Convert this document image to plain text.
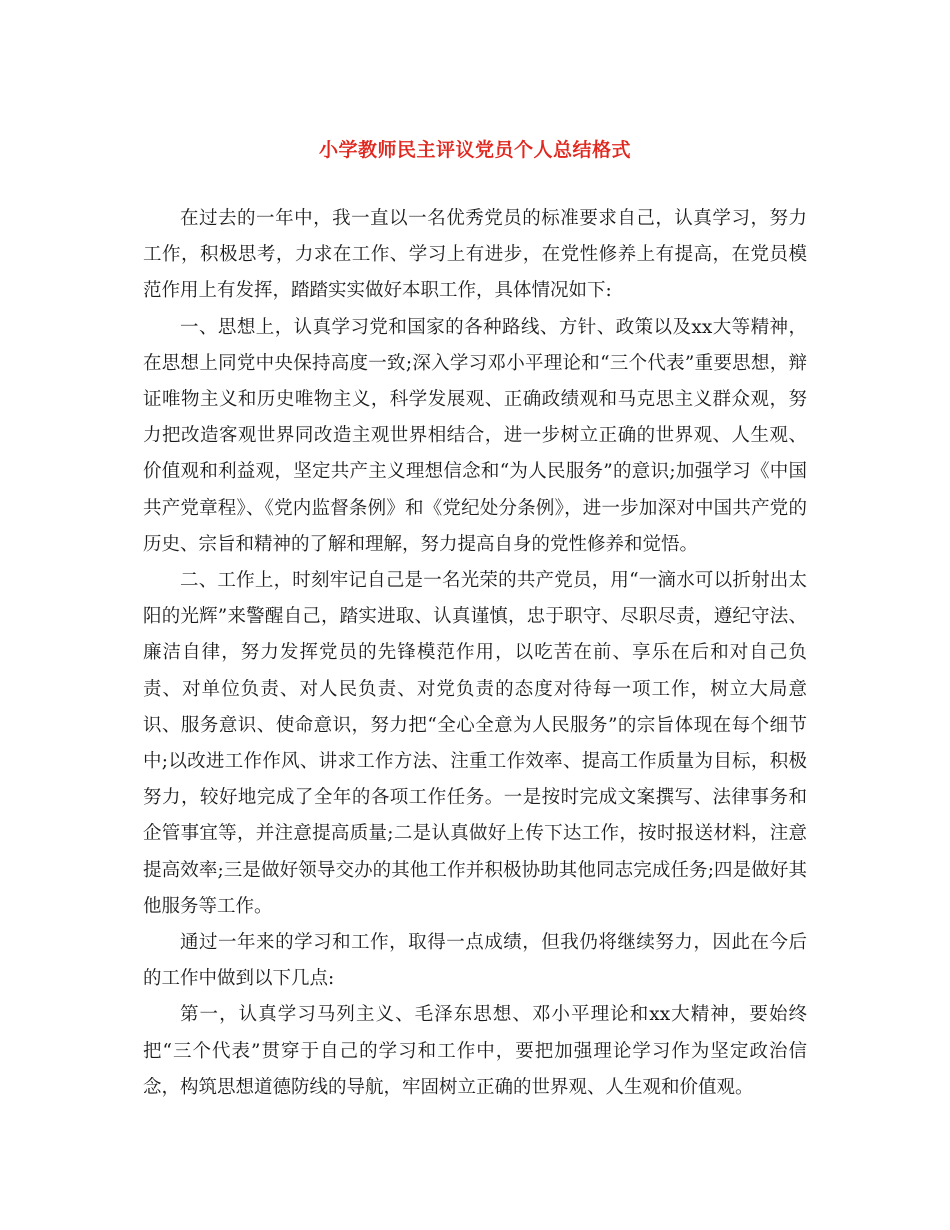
小学教师民主评议党员个人总结格式

在过去的一年中，我一直以一名优秀党员的标准要求自己，认真学习，努力工作，积极思考，力求在工作、学习上有进步，在党性修养上有提高，在党员模范作用上有发挥，踏踏实实做好本职工作，具体情况如下:

一、思想上，认真学习党和国家的各种路线、方针、政策以及xx大等精神，在思想上同党中央保持高度一致;深入学习邓小平理论和“三个代表”重要思想，辩证唯物主义和历史唯物主义，科学发展观、正确政绩观和马克思主义群众观，努力把改造客观世界同改造主观世界相结合，进一步树立正确的世界观、人生观、价值观和利益观，坚定共产主义理想信念和“为人民服务”的意识;加强学习《中国共产党章程》、《党内监督条例》和《党纪处分条例》，进一步加深对中国共产党的历史、宗旨和精神的了解和理解，努力提高自身的党性修养和觉悟。

二、工作上，时刻牢记自己是一名光荣的共产党员，用“一滴水可以折射出太阳的光辉”来警醒自己，踏实进取、认真谨慎，忠于职守、尽职尽责，遵纪守法、廉洁自律，努力发挥党员的先锋模范作用，以吃苦在前、享乐在后和对自己负责、对单位负责、对人民负责、对党负责的态度对待每一项工作，树立大局意识、服务意识、使命意识，努力把“全心全意为人民服务”的宗旨体现在每个细节中;以改进工作作风、讲求工作方法、注重工作效率、提高工作质量为目标，积极努力，较好地完成了全年的各项工作任务。一是按时完成文案撰写、法律事务和企管事宜等，并注意提高质量;二是认真做好上传下达工作，按时报送材料，注意提高效率;三是做好领导交办的其他工作并积极协助其他同志完成任务;四是做好其他服务等工作。

通过一年来的学习和工作，取得一点成绩，但我仍将继续努力，因此在今后的工作中做到以下几点:

第一，认真学习马列主义、毛泽东思想、邓小平理论和xx大精神，要始终把“三个代表”贯穿于自己的学习和工作中，要把加强理论学习作为坚定政治信念，构筑思想道德防线的导航，牢固树立正确的世界观、人生观和价值观。
